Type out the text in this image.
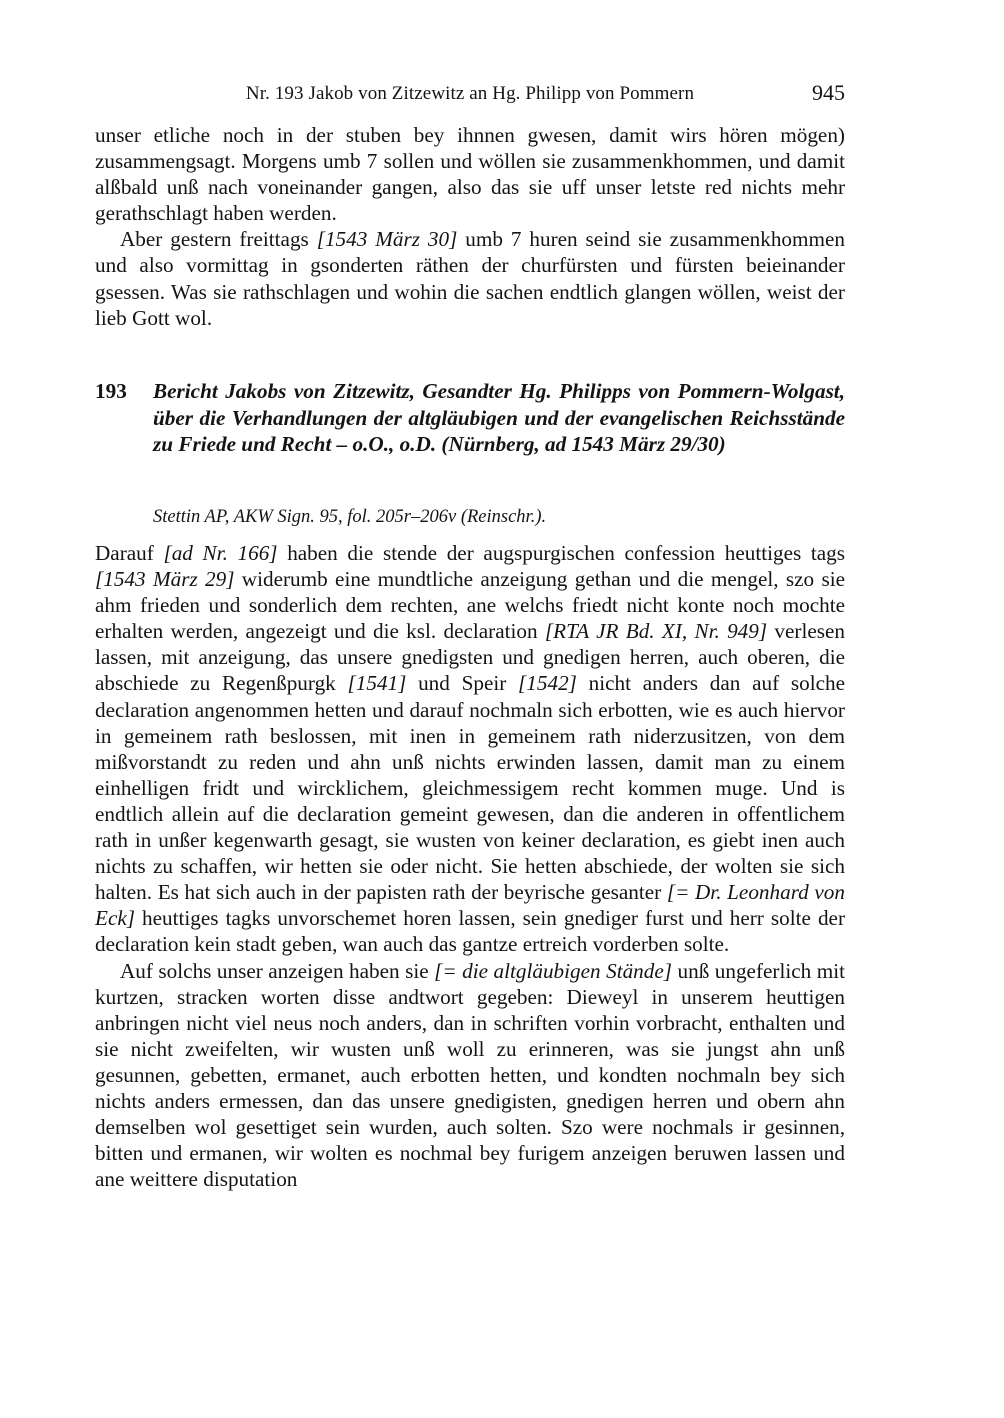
Nr. 193 Jakob von Zitzewitz an Hg. Philipp von Pommern	945

unser etliche noch in der stuben bey ihnnen gwesen, damit wirs hören mögen) zusammengsagt. Morgens umb 7 sollen und wöllen sie zusammenkhommen, und damit alßbald unß nach voneinander gangen, also das sie uff unser letste red nichts mehr gerathschlagt haben werden.

Aber gestern freittags [1543 März 30] umb 7 huren seind sie zusammenkhommen und also vormittag in gsonderten räthen der churfürsten und fürsten beieinander gsessen. Was sie rathschlagen und wohin die sachen endtlich glangen wöllen, weist der lieb Gott wol.

193 Bericht Jakobs von Zitzewitz, Gesandter Hg. Philipps von Pommern-Wolgast, über die Verhandlungen der altgläubigen und der evangelischen Reichsstände zu Friede und Recht – o.O., o.D. (Nürnberg, ad 1543 März 29/30)
Stettin AP, AKW Sign. 95, fol. 205r–206v (Reinschr.).

Darauf [ad Nr. 166] haben die stende der augspurgischen confession heuttiges tags [1543 März 29] widerumb eine mundtliche anzeigung gethan und die mengel, szo sie ahm frieden und sonderlich dem rechten, ane welchs friedt nicht konte noch mochte erhalten werden, angezeigt und die ksl. declaration [RTA JR Bd. XI, Nr. 949] verlesen lassen, mit anzeigung, das unsere gnedigsten und gnedigen herren, auch oberen, die abschiede zu Regenßpurgk [1541] und Speir [1542] nicht anders dan auf solche declaration angenommen hetten und darauf nochmaln sich erbotten, wie es auch hiervor in gemeinem rath beslossen, mit inen in gemeinem rath niderzusitzen, von dem mißvorstandt zu reden und ahn unß nichts erwinden lassen, damit man zu einem einhelligen fridt und wircklichem, gleichmessigem recht kommen muge. Und is endtlich allein auf die declaration gemeint gewesen, dan die anderen in offentlichem rath in unßer kegenwarth gesagt, sie wusten von keiner declaration, es giebt inen auch nichts zu schaffen, wir hetten sie oder nicht. Sie hetten abschiede, der wolten sie sich halten. Es hat sich auch in der papisten rath der beyrische gesanter [= Dr. Leonhard von Eck] heuttiges tagks unvorschemet horen lassen, sein gnediger furst und herr solte der declaration kein stadt geben, wan auch das gantze ertreich vorderben solte.

Auf solchs unser anzeigen haben sie [= die altgläubigen Stände] unß ungeferlich mit kurtzen, stracken worten disse andtwort gegeben: Dieweyl in unserem heuttigen anbringen nicht viel neus noch anders, dan in schriften vorhin vorbracht, enthalten und sie nicht zweifelten, wir wusten unß woll zu erinneren, was sie jungst ahn unß gesunnen, gebetten, ermanet, auch erbotten hetten, und kondten nochmaln bey sich nichts anders ermessen, dan das unsere gnedigisten, gnedigen herren und obern ahn demselben wol gesettiget sein wurden, auch solten. Szo were nochmals ir gesinnen, bitten und ermanen, wir wolten es nochmal bey furigem anzeigen beruwen lassen und ane weittere disputation
